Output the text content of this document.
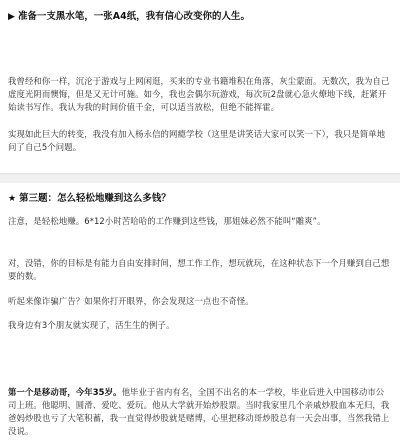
▶ 准备一支黑水笔，一张A4纸，我有信心改变你的人生。
我曾经和你一样，沉沦于游戏与上网闲逛，买来的专业书籍堆积在角落，灰尘蒙面。无数次，我为自己虚度光阴而懊悔，但是又无计可施。如今，我也会偶尔玩游戏，每次玩2盘就心急火燎地下线，赶紧开始读书写作。我认为我的时间价值千金，可以适当放松，但绝不能挥霍。
实现如此巨大的转变，我没有加入杨永信的网瘾学校（这里是讲笑话大家可以笑一下），我只是简单地问了自己5个问题。
★ 第三题：怎么轻松地赚到这么多钱？
注意，是轻松地赚。6*12小时苦哈哈的工作赚到这些钱，那姐妹必然不能叫“雕爽”。
对，没错，你的目标是有能力自由安排时间，想工作工作，想玩就玩，在这种状态下一个月赚到自己想要的数。
听起来像诈骗广告？如果你打开眼界，你会发现这一点也不奇怪。
我身边有3个朋友就实现了，活生生的例子。
第一个是移动哥，今年35岁。他毕业于省内有名，全国不出名的本一学校，毕业后进入中国移动市公司上班。他聪明、圆滑、爱吃、爱玩。他从大学就开始炒股票。当时我家里几个亲戚炒股血本无归，我爸妈炒股也亏了大笔积蓄，我一直觉得炒股就是赌博，心里把移动哥炒股总有一天会出事，当然我错上没说。
